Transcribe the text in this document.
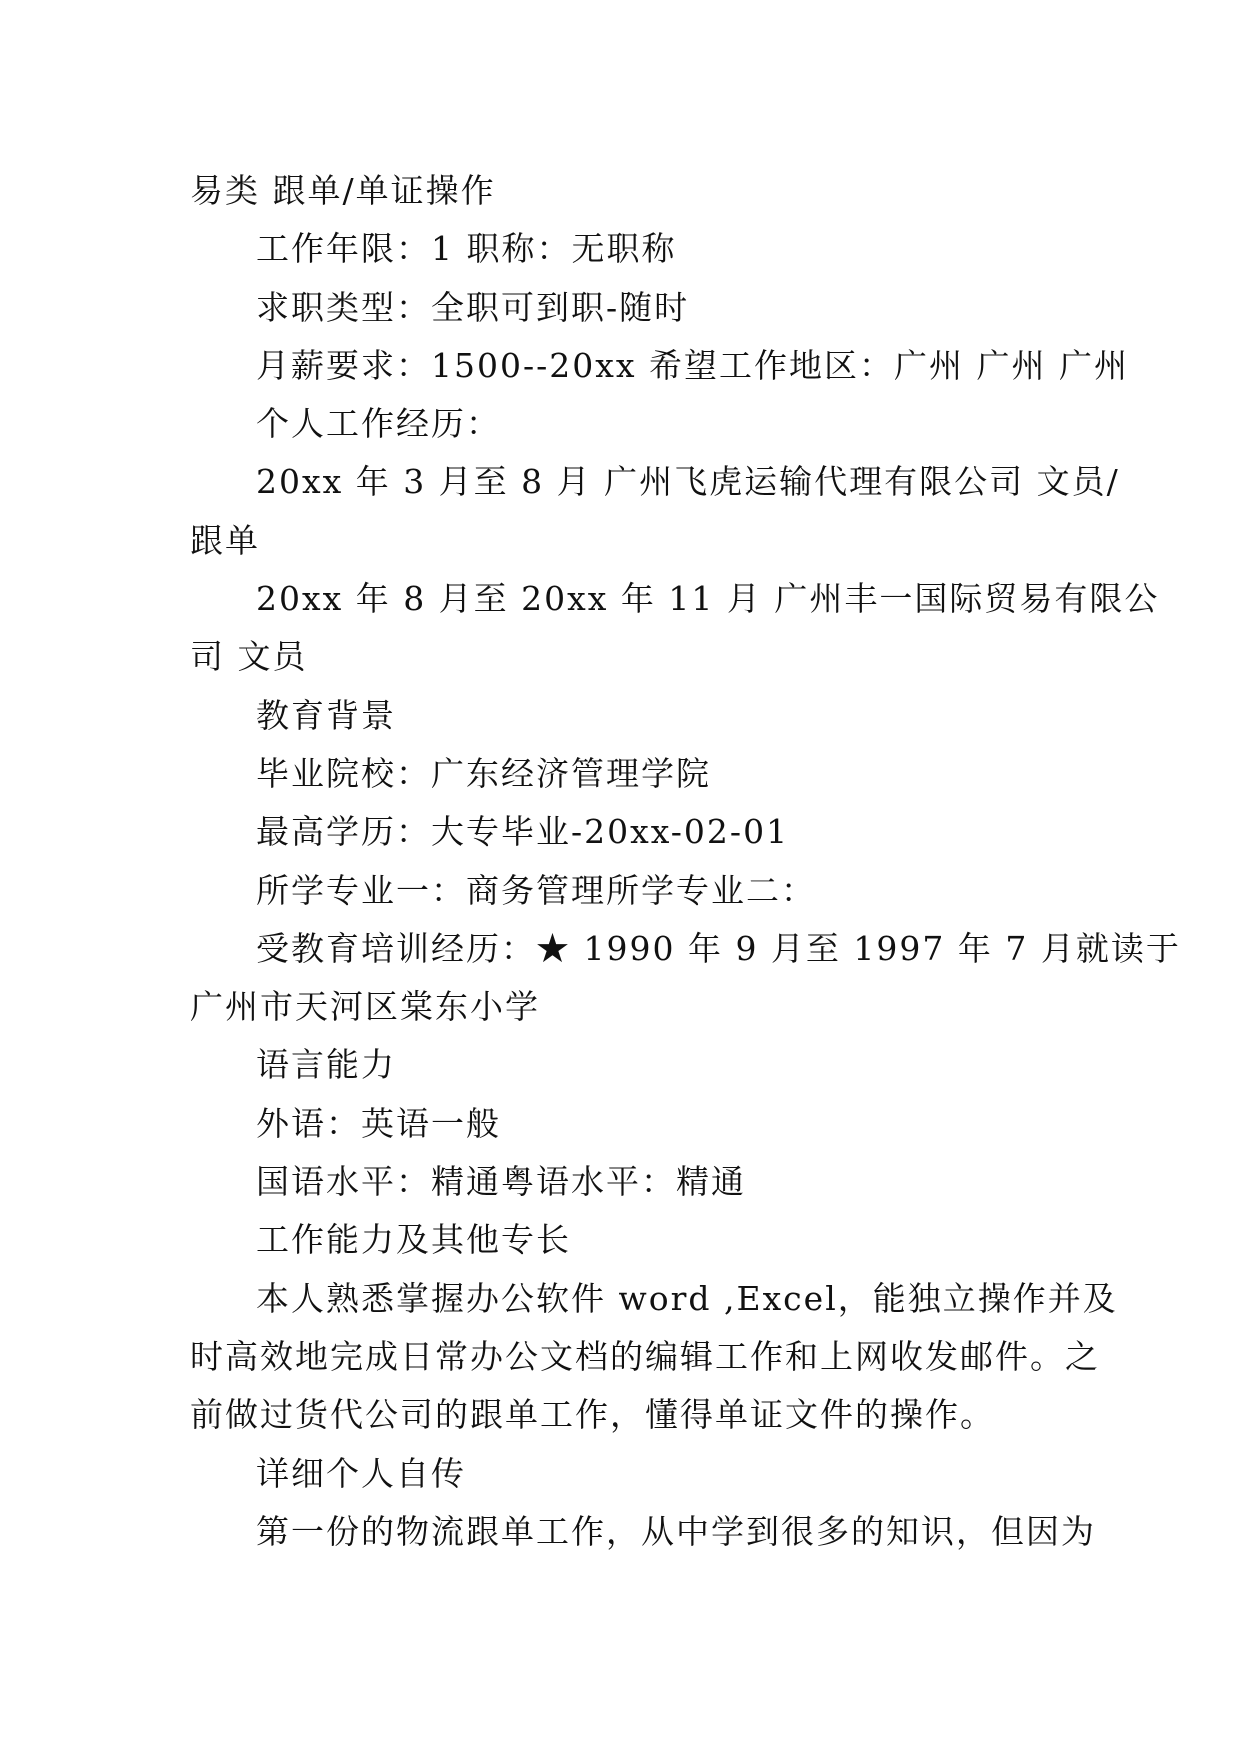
易类 跟单/单证操作
工作年限：1 职称：无职称
求职类型：全职可到职-随时
月薪要求：1500--20xx 希望工作地区：广州 广州 广州
个人工作经历：
20xx 年 3 月至 8 月 广州飞虎运输代理有限公司 文员/
跟单
20xx 年 8 月至 20xx 年 11 月 广州丰一国际贸易有限公
司 文员
教育背景
毕业院校：广东经济管理学院
最高学历：大专毕业-20xx-02-01
所学专业一：商务管理所学专业二：
受教育培训经历：★ 1990 年 9 月至 1997 年 7 月就读于
广州市天河区棠东小学
语言能力
外语：英语一般
国语水平：精通粤语水平：精通
工作能力及其他专长
本人熟悉掌握办公软件 word ,Excel，能独立操作并及
时高效地完成日常办公文档的编辑工作和上网收发邮件。之
前做过货代公司的跟单工作，懂得单证文件的操作。
详细个人自传
第一份的物流跟单工作，从中学到很多的知识，但因为
